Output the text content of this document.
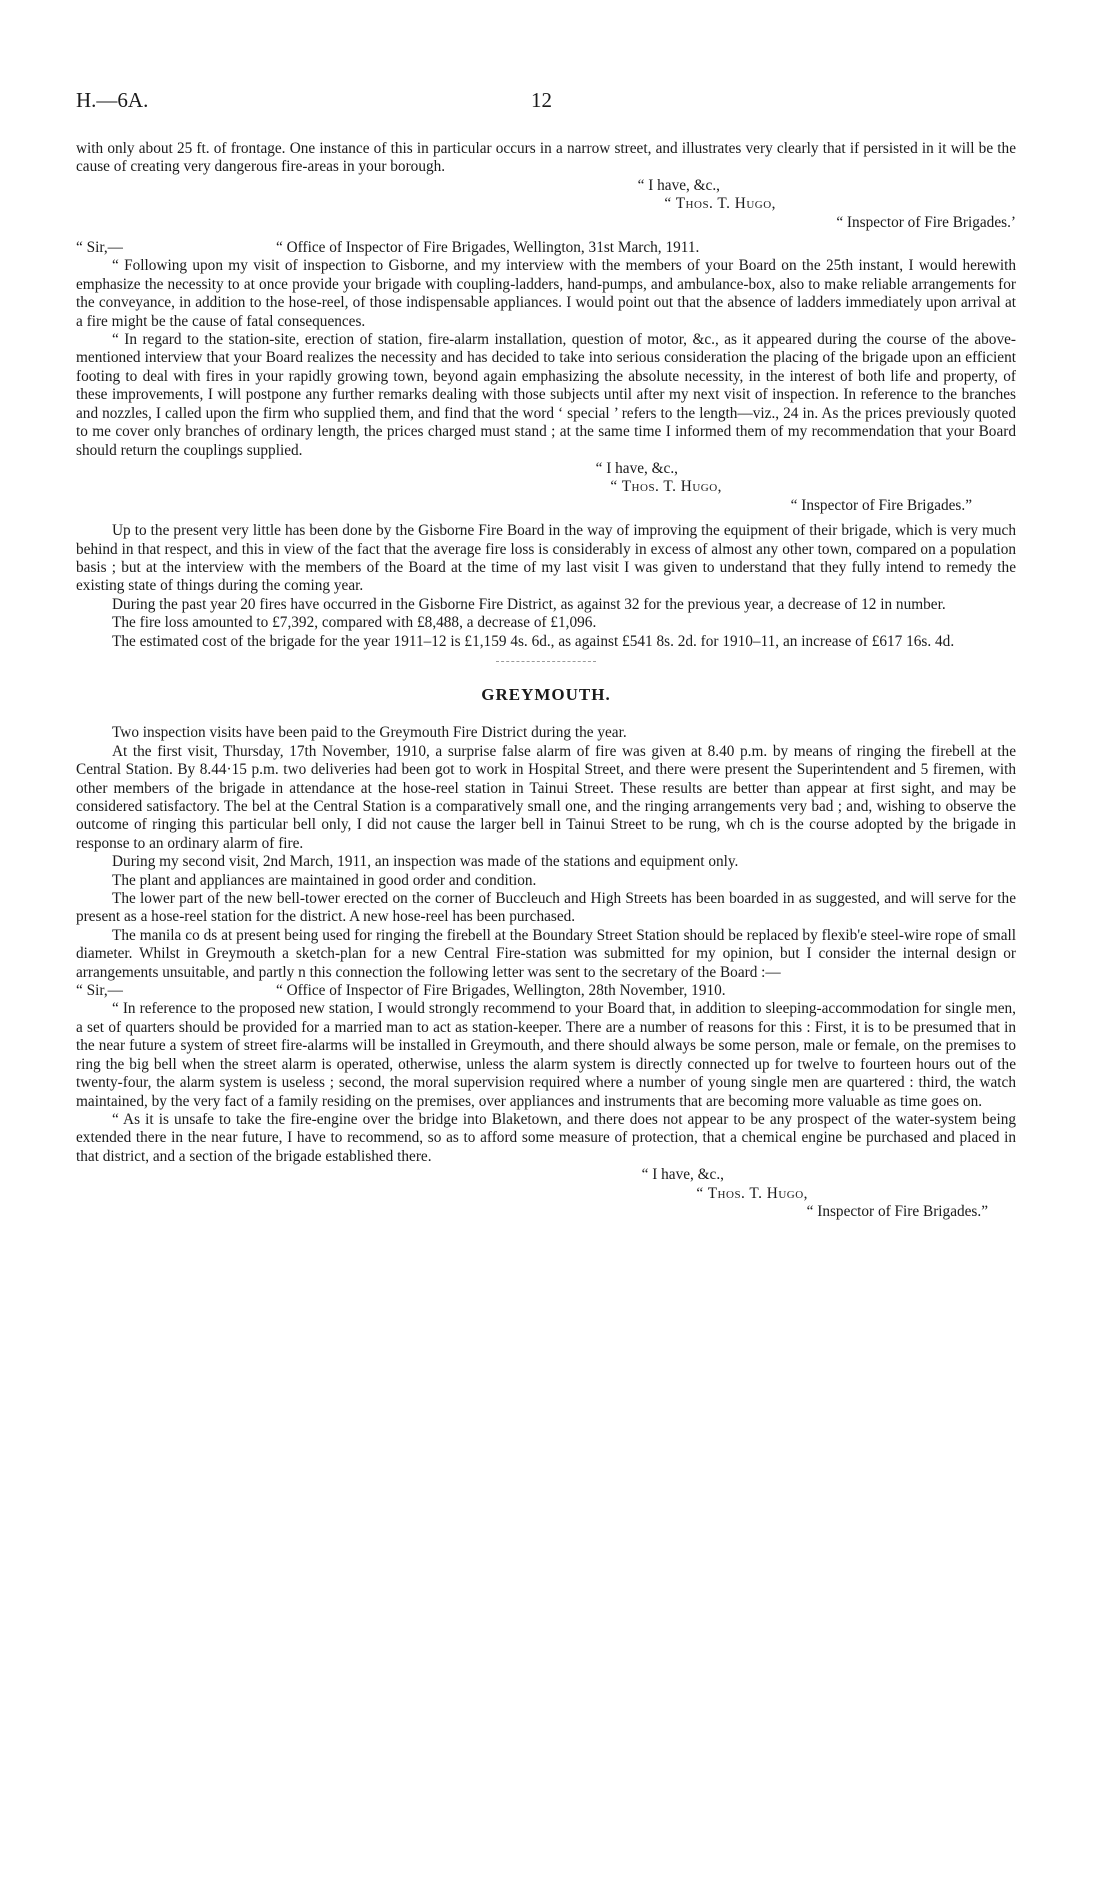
H.—6A.	12

with only about 25 ft. of frontage. One instance of this in particular occurs in a narrow street, and illustrates very clearly that if persisted in it will be the cause of creating very dangerous fire-areas in your borough.

“ I have, &c.,

“ Thos. T. Hugo,

“ Inspector of Fire Brigades.’

“ Sir,—	“ Office of Inspector of Fire Brigades, Wellington, 31st March, 1911.

“ Following upon my visit of inspection to Gisborne, and my interview with the members of your Board on the 25th instant, I would herewith emphasize the necessity to at once provide your brigade with coupling-ladders, hand-pumps, and ambulance-box, also to make reliable arrangements for the conveyance, in addition to the hose-reel, of those indispensable appliances. I would point out that the absence of ladders immediately upon arrival at a fire might be the cause of fatal consequences.

“ In regard to the station-site, erection of station, fire-alarm installation, question of motor, &c., as it appeared during the course of the above-mentioned interview that your Board realizes the necessity and has decided to take into serious consideration the placing of the brigade upon an efficient footing to deal with fires in your rapidly growing town, beyond again emphasizing the absolute necessity, in the interest of both life and property, of these improvements, I will postpone any further remarks dealing with those subjects until after my next visit of inspection. In reference to the branches and nozzles, I called upon the firm who supplied them, and find that the word ‘ special ’ refers to the length—viz., 24 in. As the prices previously quoted to me cover only branches of ordinary length, the prices charged must stand ; at the same time I informed them of my recommendation that your Board should return the couplings supplied.

“ I have, &c.,

“ Thos. T. Hugo,

“ Inspector of Fire Brigades.”

Up to the present very little has been done by the Gisborne Fire Board in the way of improving the equipment of their brigade, which is very much behind in that respect, and this in view of the fact that the average fire loss is considerably in excess of almost any other town, compared on a population basis ; but at the interview with the members of the Board at the time of my last visit I was given to understand that they fully intend to remedy the existing state of things during the coming year.

During the past year 20 fires have occurred in the Gisborne Fire District, as against 32 for the previous year, a decrease of 12 in number.

The fire loss amounted to £7,392, compared with £8,488, a decrease of £1,096.

The estimated cost of the brigade for the year 1911–12 is £1,159 4s. 6d., as against £541 8s. 2d. for 1910–11, an increase of £617 16s. 4d.

GREYMOUTH.

Two inspection visits have been paid to the Greymouth Fire District during the year.

At the first visit, Thursday, 17th November, 1910, a surprise false alarm of fire was given at 8.40 p.m. by means of ringing the firebell at the Central Station. By 8.44·15 p.m. two deliveries had been got to work in Hospital Street, and there were present the Superintendent and 5 firemen, with other members of the brigade in attendance at the hose-reel station in Tainui Street. These results are better than appear at first sight, and may be considered satisfactory. The bel at the Central Station is a comparatively small one, and the ringing arrangements very bad ; and, wishing to observe the outcome of ringing this particular bell only, I did not cause the larger bell in Tainui Street to be rung, wh ch is the course adopted by the brigade in response to an ordinary alarm of fire.

During my second visit, 2nd March, 1911, an inspection was made of the stations and equipment only.

The plant and appliances are maintained in good order and condition.

The lower part of the new bell-tower erected on the corner of Buccleuch and High Streets has been boarded in as suggested, and will serve for the present as a hose-reel station for the district. A new hose-reel has been purchased.

The manila co ds at present being used for ringing the firebell at the Boundary Street Station should be replaced by flexib'e steel-wire rope of small diameter. Whilst in Greymouth a sketch-plan for a new Central Fire-station was submitted for my opinion, but I consider the internal design or arrangements unsuitable, and partly n this connection the following letter was sent to the secretary of the Board :—

“ Sir,—	“ Office of Inspector of Fire Brigades, Wellington, 28th November, 1910.

“ In reference to the proposed new station, I would strongly recommend to your Board that, in addition to sleeping-accommodation for single men, a set of quarters should be provided for a married man to act as station-keeper. There are a number of reasons for this : First, it is to be presumed that in the near future a system of street fire-alarms will be installed in Greymouth, and there should always be some person, male or female, on the premises to ring the big bell when the street alarm is operated, otherwise, unless the alarm system is directly connected up for twelve to fourteen hours out of the twenty-four, the alarm system is useless ; second, the moral supervision required where a number of young single men are quartered : third, the watch maintained, by the very fact of a family residing on the premises, over appliances and instruments that are becoming more valuable as time goes on.

“ As it is unsafe to take the fire-engine over the bridge into Blaketown, and there does not appear to be any prospect of the water-system being extended there in the near future, I have to recommend, so as to afford some measure of protection, that a chemical engine be purchased and placed in that district, and a section of the brigade established there.

“ I have, &c.,

“ Thos. T. Hugo,

“ Inspector of Fire Brigades.”
